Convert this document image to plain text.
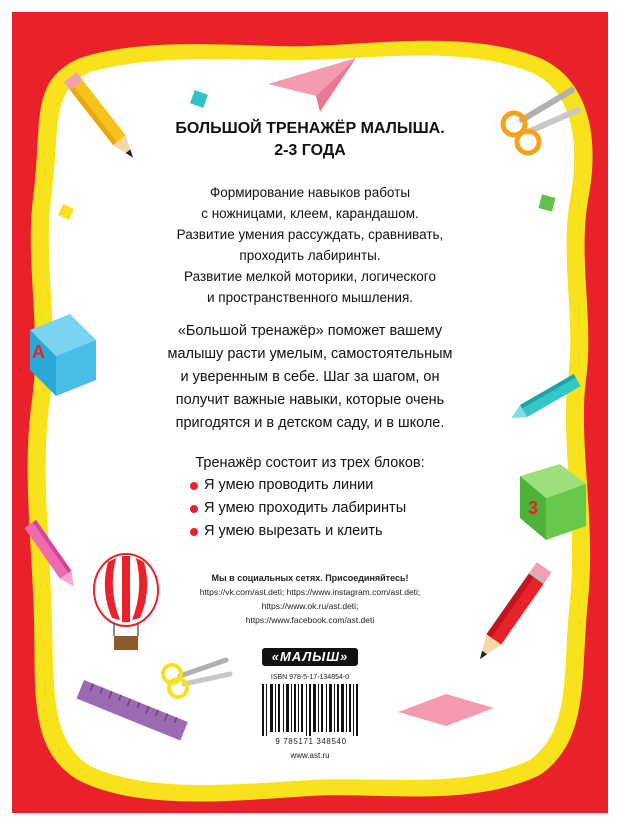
А
3
БОЛЬШОЙ ТРЕНАЖЁР МАЛЫША.
2-3 ГОДА
Формирование навыков работы
с ножницами, клеем, карандашом.
Развитие умения рассуждать, сравнивать,
проходить лабиринты.
Развитие мелкой моторики, логического
и пространственного мышления.
«Большой тренажёр» поможет вашему
малышу расти умелым, самостоятельным
и уверенным в себе. Шаг за шагом, он
получит важные навыки, которые очень
пригодятся и в детском саду, и в школе.
Тренажёр состоит из трех блоков:
Я умею проводить линии
Я умею проходить лабиринты
Я умею вырезать и клеить
Мы в социальных сетях. Присоединяйтесь!
https://vk.com/ast.deti; https://www.instagram.com/ast.deti;
https://www.ok.ru/ast.deti;
https://www.facebook.com/ast.deti
«МАЛЫШ»
ISBN 978-5-17-134854-0
9 785171 348540
www.ast.ru
